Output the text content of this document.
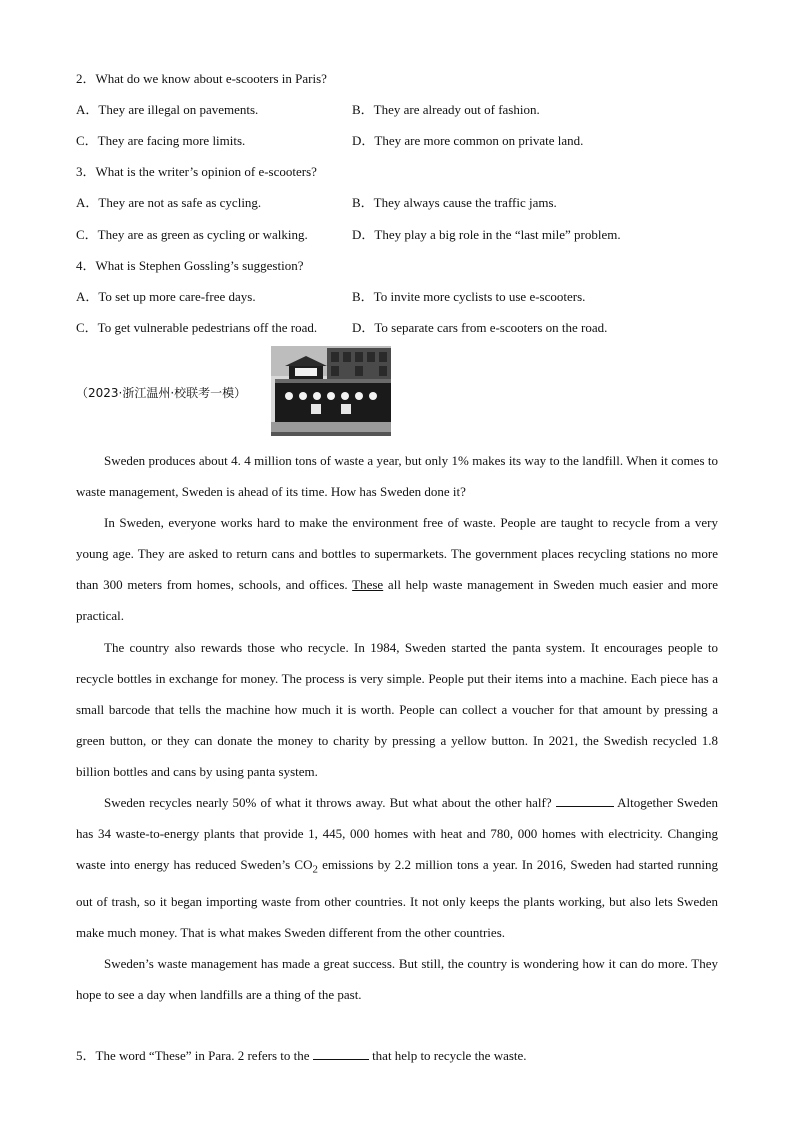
2．What do we know about e-scooters in Paris?
A．They are illegal on pavements.	B．They are already out of fashion.
C．They are facing more limits.	D．They are more common on private land.
3．What is the writer’s opinion of e-scooters?
A．They are not as safe as cycling.	B．They always cause the traffic jams.
C．They are as green as cycling or walking.	D．They play a big role in the “last mile” problem.
4．What is Stephen Gossling’s suggestion?
A．To set up more care-free days.	B．To invite more cyclists to use e-scooters.
C．To get vulnerable pedestrians off the road.	D．To separate cars from e-scooters on the road.
（2023·浙江温州·校联考一模）

Sweden produces about 4. 4 million tons of waste a year, but only 1% makes its way to the landfill. When it comes to waste management, Sweden is ahead of its time. How has Sweden done it?

In Sweden, everyone works hard to make the environment free of waste. People are taught to recycle from a very young age. They are asked to return cans and bottles to supermarkets. The government places recycling stations no more than 300 meters from homes, schools, and offices. These all help waste management in Sweden much easier and more practical.

The country also rewards those who recycle. In 1984, Sweden started the panta system. It encourages people to recycle bottles in exchange for money. The process is very simple. People put their items into a machine. Each piece has a small barcode that tells the machine how much it is worth. People can collect a voucher for that amount by pressing a green button, or they can donate the money to charity by pressing a yellow button. In 2021, the Swedish recycled 1.8 billion bottles and cans by using panta system.

Sweden recycles nearly 50% of what it throws away. But what about the other half?	Altogether Sweden has 34 waste-to-energy plants that provide 1, 445, 000 homes with heat and 780, 000 homes with electricity. Changing waste into energy has reduced Sweden’s $CO_2$ emissions by 2.2 million tons a year. In 2016, Sweden had started running out of trash, so it began importing waste from other countries. It not only keeps the plants working, but also lets Sweden make much money. That is what makes Sweden different from the other countries.

Sweden’s waste management has made a great success. But still, the country is wondering how it can do more. They hope to see a day when landfills are a thing of the past.

5．The word “These” in Para. 2 refers to the	that help to recycle the waste.
